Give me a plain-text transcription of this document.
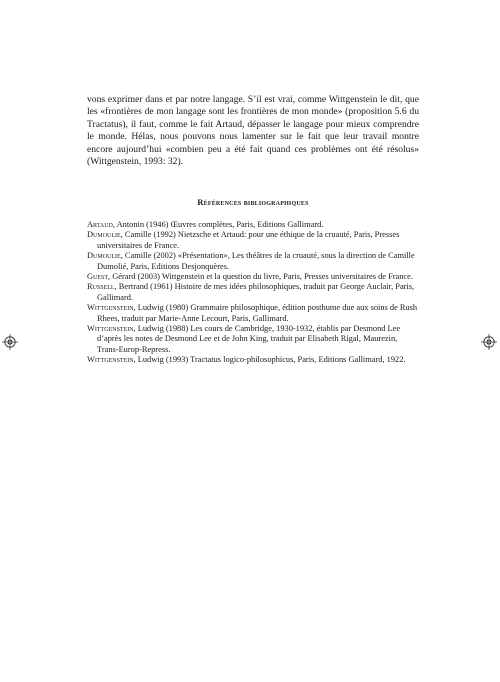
vons exprimer dans et par notre langage. S’il est vrai, comme Wittgenstein le dit, que les «frontières de mon langage sont les frontières de mon monde» (proposition 5.6 du Tractatus), il faut, comme le fait Artaud, dépasser le langage pour mieux comprendre le monde. Hélas, nous pouvons nous lamenter sur le fait que leur travail montre encore aujourd’hui «combien peu a été fait quand ces problèmes ont été résolus» (Wittgenstein, 1993: 32).

Références bibliographiques
Artaud, Antonin (1946) Œuvres complètes, Paris, Editions Gallimard.
Dumoulie, Camille (1992) Nietzsche et Artaud: pour une éthique de la cruauté, Paris, Presses universitaires de France.
Dumoulie, Camille (2002) «Présentation», Les théâtres de la cruauté, sous la direction de Camille Dumolié, Paris, Editions Desjonquères.
Guest, Gérard (2003) Wittgenstein et la question du livre, Paris, Presses universitaires de France.
Russell, Bertrand (1961) Histoire de mes idées philosophiques, traduit par George Auclair, Paris, Gallimard.
Wittgenstein, Ludwig (1980) Grammaire philosophique, édition posthume due aux soins de Rush Rhees, traduit par Marie-Anne Lecourt, Paris, Gallimard.
Wittgenstein, Ludwig (1988) Les cours de Cambridge, 1930-1932, établis par Desmond Lee d’après les notes de Desmond Lee et de John King, traduit par Elisabeth Rigal, Maurezin, Trans-Europ-Repress.
Wittgenstein, Ludwig (1993) Tractatus logico-philosophicus, Paris, Editions Gallimard, 1922.
